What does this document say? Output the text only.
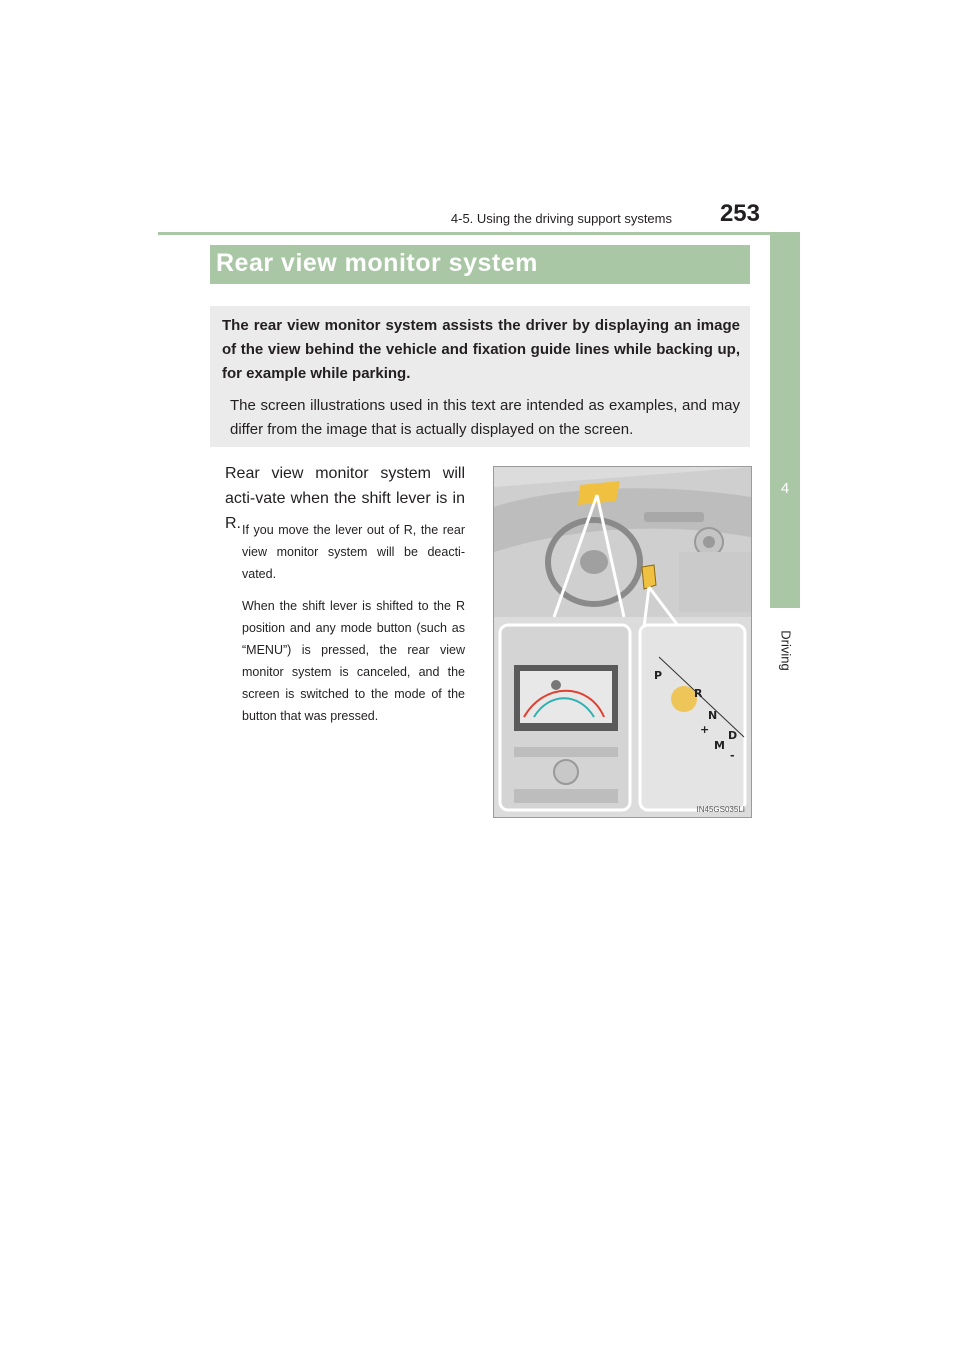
4-5. Using the driving support systems	253
4
Driving
Rear view monitor system
The rear view monitor system assists the driver by displaying an image of the view behind the vehicle and fixation guide lines while backing up, for example while parking.
The screen illustrations used in this text are intended as examples, and may differ from the image that is actually displayed on the screen.
Rear view monitor system will acti-vate when the shift lever is in R. If you move the lever out of R, the rear view monitor system will be deacti-vated.
When the shift lever is shifted to the R position and any mode button (such as “MENU”) is pressed, the rear view monitor system is canceled, and the screen is switched to the mode of the button that was pressed.
P
R
N
D
+
M
-
IN45GS035LI
